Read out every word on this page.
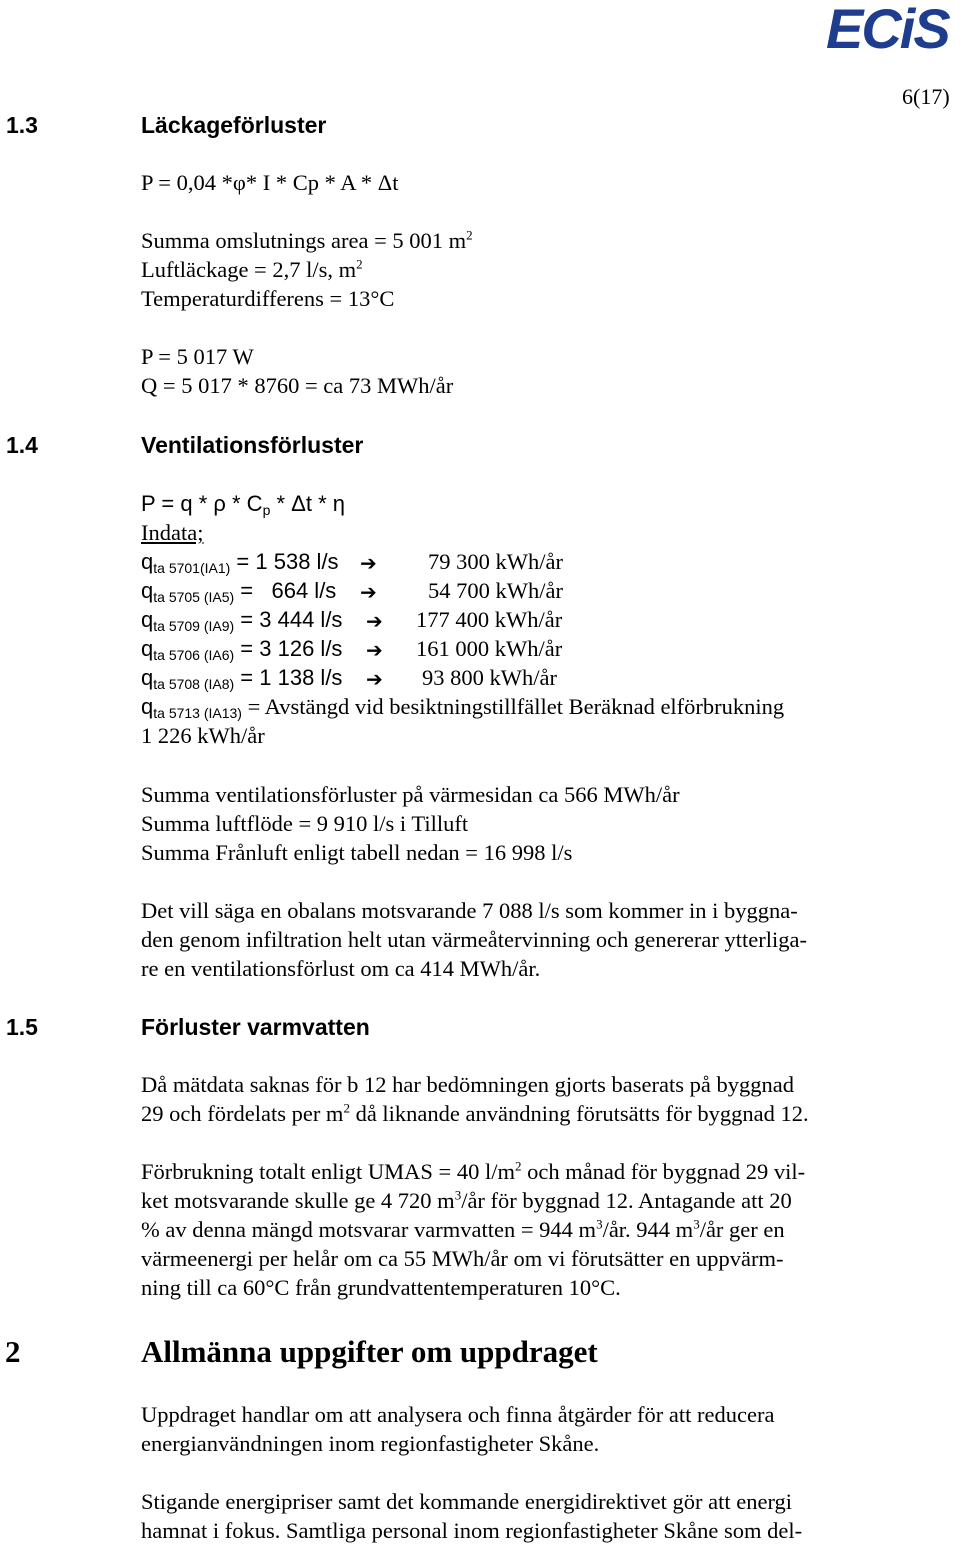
ECiS
6(17)
1.3	Läckageförluster
P = 0,04 *φ* I * Cp * A * Δt
Summa omslutnings area = 5 001 $m^2$
Luftläckage = 2,7 l/s, $m^2$
Temperaturdifferens = 13°C
P = 5 017 W
Q = 5 017 * 8760 = ca 73 MWh/år
1.4	Ventilationsförluster
$P = q * \rho * C_p * \Delta t * \eta$
Indata;
$q_{ta 5701(IA1)} = 1$ 538 l/s ➔ 79 300 kWh/år
$q_{ta 5705 (IA5)} = 664$ l/s ➔ 54 700 kWh/år
$q_{ta 5709 (IA9)} = 3$ 444 l/s ➔ 177 400 kWh/år
$q_{ta 5706 (IA6)} = 3$ 126 l/s ➔ 161 000 kWh/år
$q_{ta 5708 (IA8)} = 1$ 138 l/s ➔ 93 800 kWh/år
qta 5713 (IA13) = Avstängd vid besiktningstillfället Beräknad elförbrukning
1 226 kWh/år
Summa ventilationsförluster på värmesidan ca 566 MWh/år
Summa luftflöde = 9 910 l/s i Tilluft
Summa Frånluft enligt tabell nedan = 16 998 l/s
Det vill säga en obalans motsvarande 7 088 l/s som kommer in i byggna-
den genom infiltration helt utan värmeåtervinning och genererar ytterliga-
re en ventilationsförlust om ca 414 MWh/år.
1.5	Förluster varmvatten
Då mätdata saknas för b 12 har bedömningen gjorts baserats på byggnad
29 och fördelats per $m^2$ då liknande användning förutsätts för byggnad 12.
Förbrukning totalt enligt UMAS = 40 $l/m^2$ och månad för byggnad 29 vil-
ket motsvarande skulle ge 4 720 $m^3/år$ för byggnad 12. Antagande att 20
% av denna mängd motsvarar varmvatten = 944 $m^3/år$. 944 $m^3/år$ ger en
värmeenergi per helår om ca 55 MWh/år om vi förutsätter en uppvärm-
ning till ca 60°C från grundvattentemperaturen 10°C.
2	Allmänna uppgifter om uppdraget
Uppdraget handlar om att analysera och finna åtgärder för att reducera
energianvändningen inom regionfastigheter Skåne.
Stigande energipriser samt det kommande energidirektivet gör att energi
hamnat i fokus. Samtliga personal inom regionfastigheter Skåne som del-
